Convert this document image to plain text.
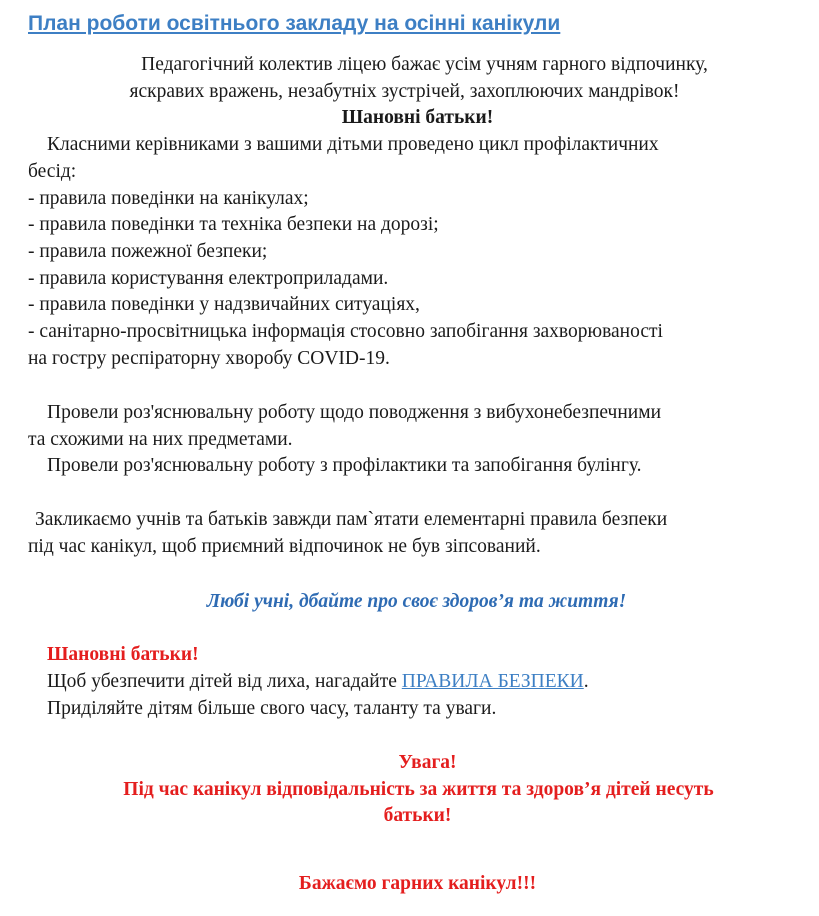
План роботи освітнього закладу на осінні канікули

Педагогічний колектив ліцею бажає усім учням гарного відпочинку,

яскравих вражень, незабутніх зустрічей, захоплюючих мандрівок!

Шановні батьки!

Класними керівниками з вашими дітьми проведено цикл профілактичних

бесід:

- правила поведінки на канікулах;

- правила поведінки та техніка безпеки на дорозі;

- правила пожежної безпеки;

- правила користування електроприладами.

- правила поведінки у надзвичайних ситуаціях,

- санітарно-просвітницька інформація стосовно запобігання захворюваності

на гостру респіраторну хворобу COVID-19.

Провели роз'яснювальну роботу щодо поводження з вибухонебезпечними

та схожими на них предметами.

Провели роз'яснювальну роботу з профілактики та запобігання булінгу.

Закликаємо учнів та батьків завжди пам`ятати елементарні правила безпеки

під час канікул, щоб приємний відпочинок не був зіпсований.

Любі учні, дбайте про своє здоров’я та життя!

Шановні батьки!

Щоб убезпечити дітей від лиха, нагадайте ПРАВИЛА БЕЗПЕКИ.

Приділяйте дітям більше свого часу, таланту та уваги.

Увага!

Під час канікул відповідальність за життя та здоров’я дітей несуть

батьки!

Бажаємо гарних канікул!!!
